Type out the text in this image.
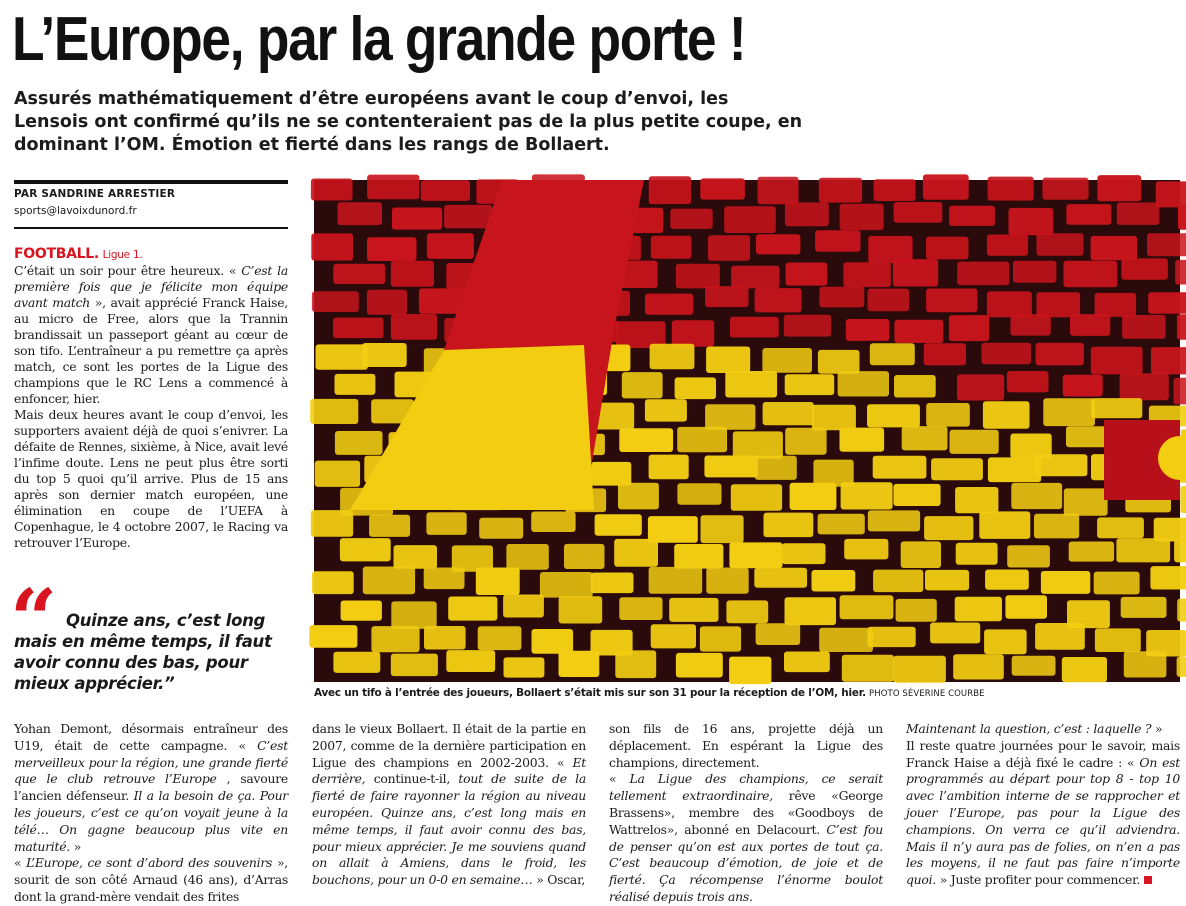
L’Europe, par la grande porte !

Assurés mathématiquement d’être européens avant le coup d’envoi, les Lensois ont confirmé qu’ils ne se contenteraient pas de la plus petite coupe, en dominant l’OM. Émotion et fierté dans les rangs de Bollaert.

PAR SANDRINE ARRESTIER
sports@lavoixdunord.fr

FOOTBALL. Ligue 1.
C’était un soir pour être heureux. « C’est la première fois que je félicite mon équipe avant match », avait apprécié Franck Haise, au micro de Free, alors que la Trannin brandissait un passeport géant au cœur de son tifo. L’entraîneur a pu remettre ça après match, ce sont les portes de la Ligue des champions que le RC Lens a commencé à enfoncer, hier.

Mais deux heures avant le coup d’envoi, les supporters avaient déjà de quoi s’enivrer. La défaite de Rennes, sixième, à Nice, avait levé l’infime doute. Lens ne peut plus être sorti du top 5 quoi qu’il arrive. Plus de 15 ans après son dernier match européen, une élimination en coupe de l’UEFA à Copenhague, le 4 octobre 2007, le Racing va retrouver l’Europe.

“ Quinze ans, c’est long
mais en même temps, il faut avoir connu des bas, pour mieux apprécier.”	Avec un tifo à l’entrée des joueurs, Bollaert s’était mis sur son 31 pour la réception de l’OM, hier. PHOTO SÉVERINE COURBE

Yohan Demont, désormais entraîneur des U19, était de cette campagne. « C’est merveilleux pour la région, une grande fierté que le club retrouve l’Europe , savoure l’ancien défenseur. Il a la besoin de ça. Pour les joueurs, c’est ce qu’on voyait jeune à la télé… On gagne beaucoup plus vite en maturité. »

« L’Europe, ce sont d’abord des souvenirs », sourit de son côté Arnaud (46 ans), d’Arras dont la grand-mère vendait des frites

dans le vieux Bollaert. Il était de la partie en 2007, comme de la dernière participation en Ligue des champions en 2002-2003. « Et derrière, continue-t-il, tout de suite de la fierté de faire rayonner la région au niveau européen. Quinze ans, c’est long mais en même temps, il faut avoir connu des bas, pour mieux apprécier. Je me souviens quand on allait à Amiens, dans le froid, les bouchons, pour un 0-0 en semaine… » Oscar,

son fils de 16 ans, projette déjà un déplacement. En espérant la Ligue des champions, directement.

« La Ligue des champions, ce serait tellement extraordinaire, rêve «George Brassens», membre des «Goodboys de Wattrelos», abonné en Delacourt. C’est fou de penser qu’on est aux portes de tout ça. C’est beaucoup d’émotion, de joie et de fierté. Ça récompense l’énorme boulot réalisé depuis trois ans.

Maintenant la question, c’est : laquelle ? »

Il reste quatre journées pour le savoir, mais Franck Haise a déjà fixé le cadre : « On est programmés au départ pour top 8 - top 10 avec l’ambition interne de se rapprocher et jouer l’Europe, pas pour la Ligue des champions. On verra ce qu’il adviendra. Mais il n’y aura pas de folies, on n’en a pas les moyens, il ne faut pas faire n’importe quoi. » Juste profiter pour commencer.
